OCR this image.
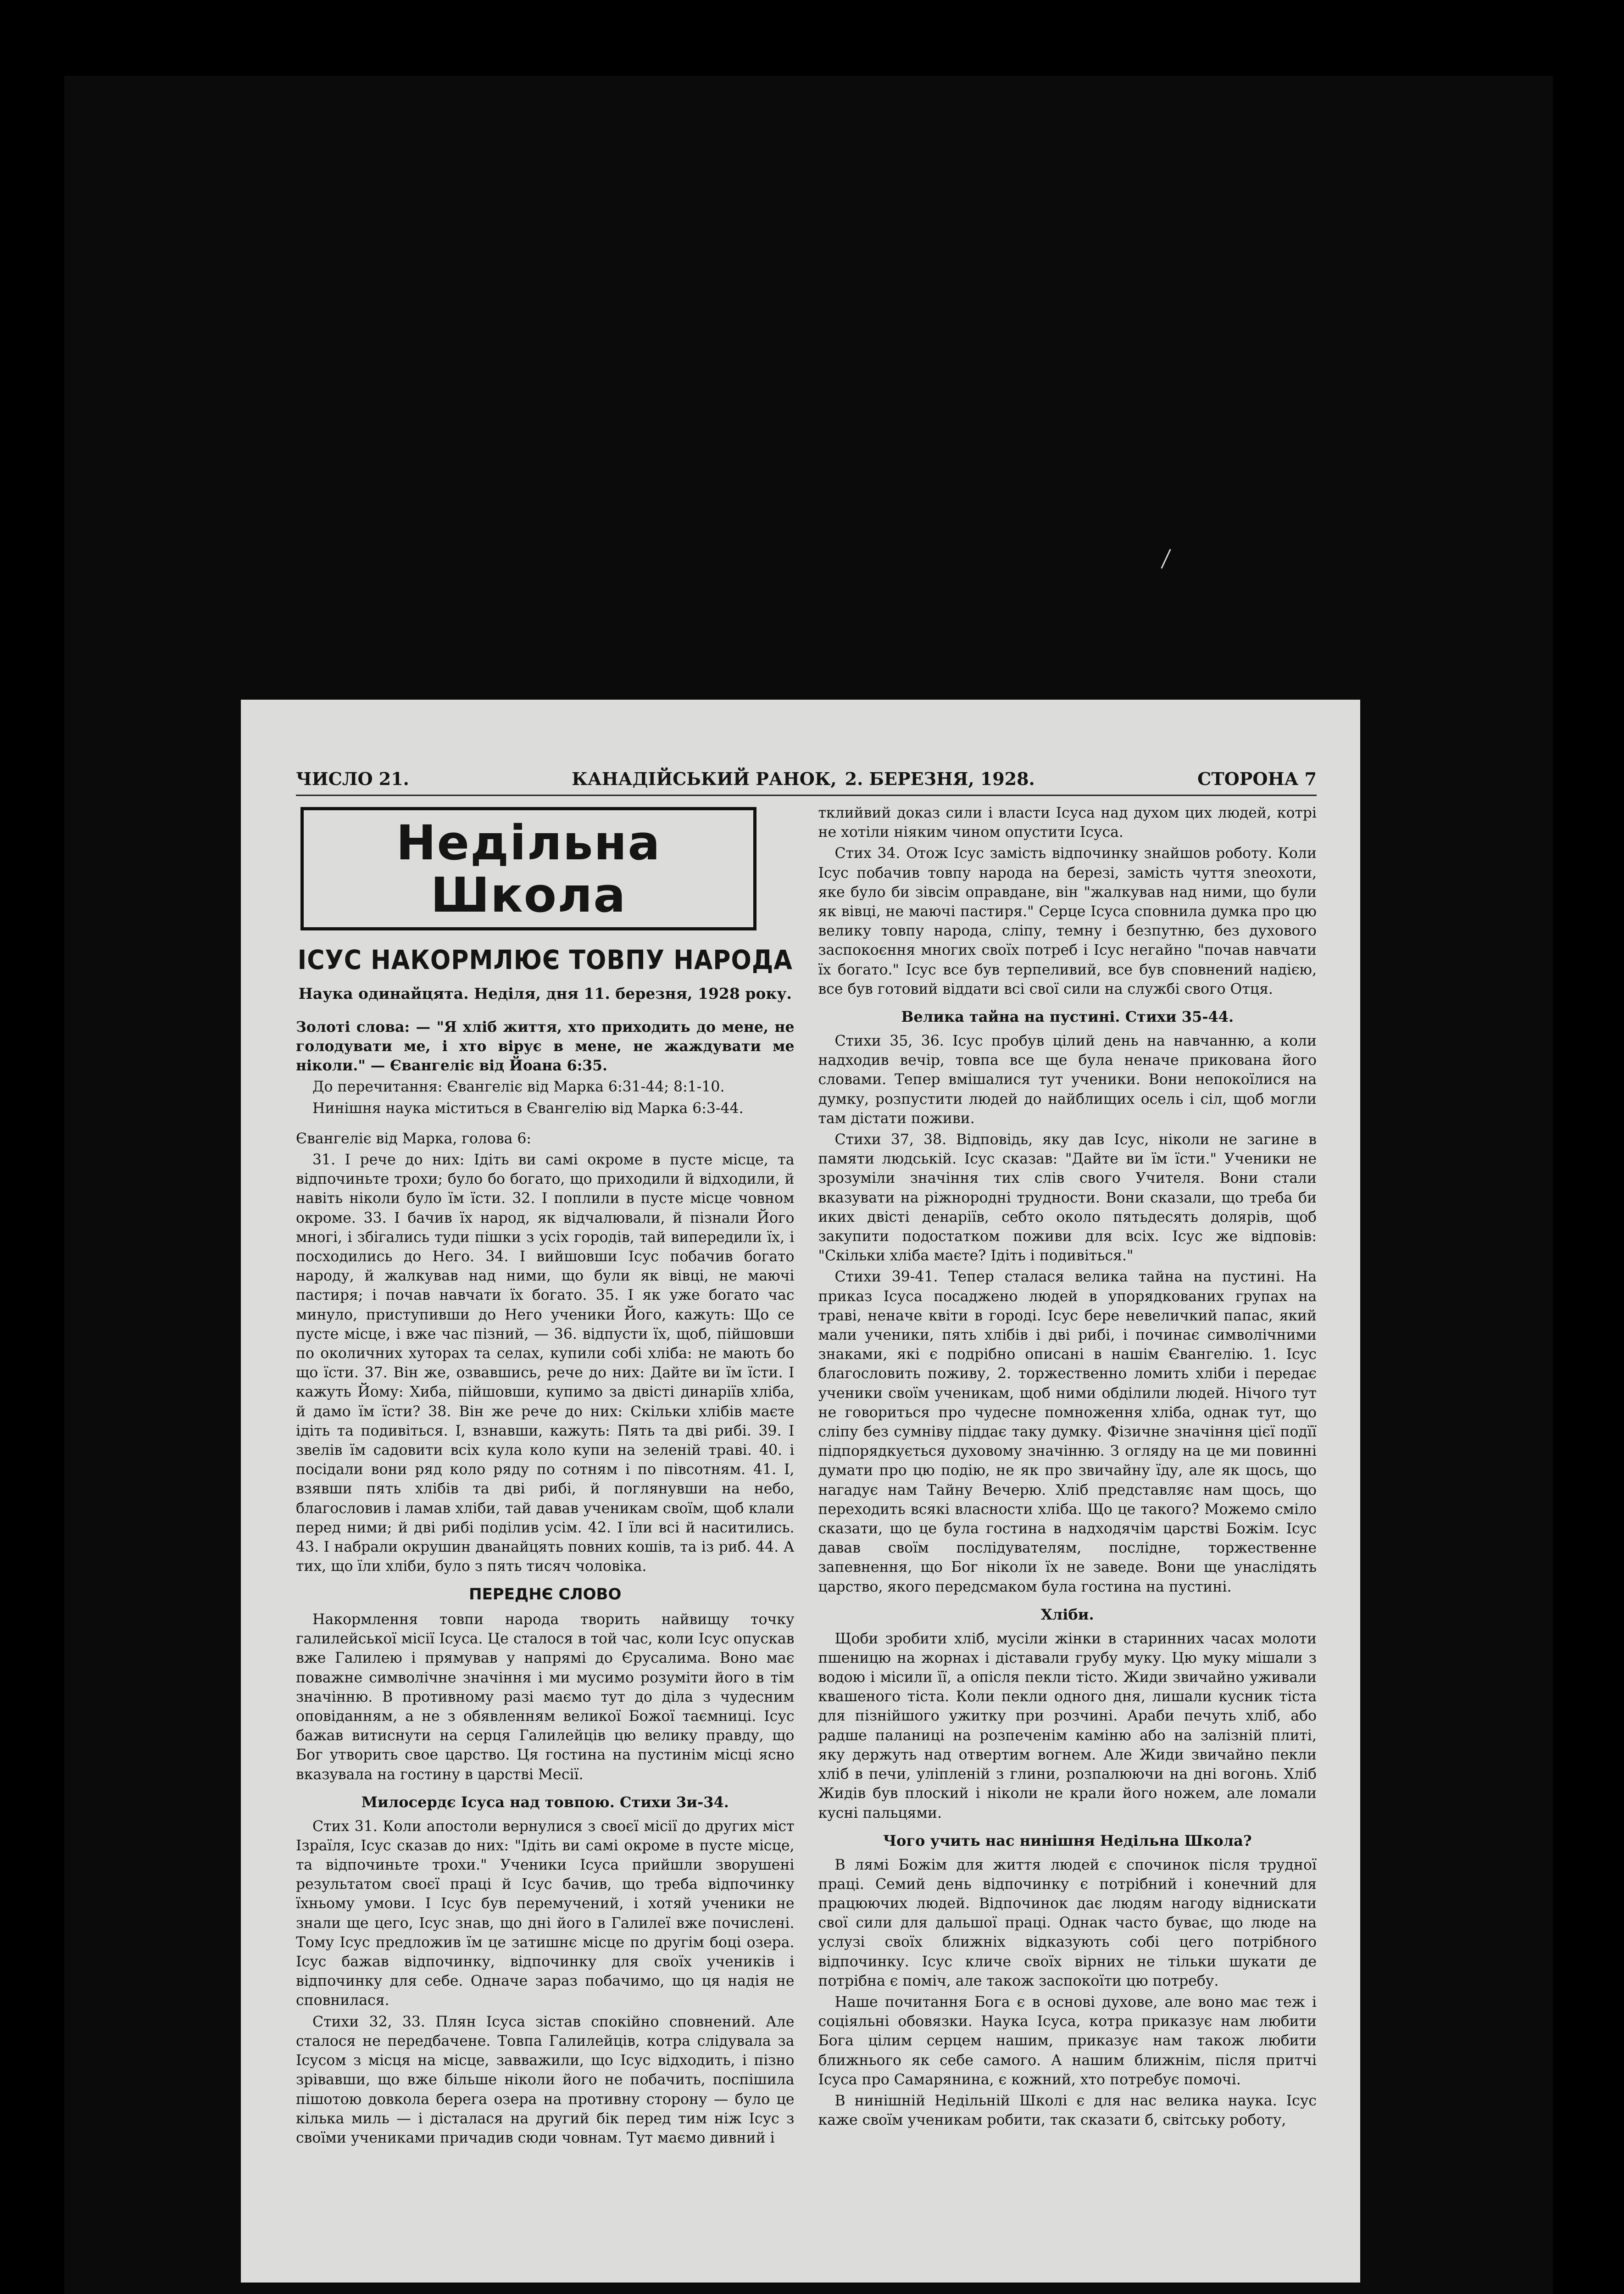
ЧИСЛО 21.	КАНАДІЙСЬКИЙ РАНОК, 2. БЕРЕЗНЯ, 1928.	СТОРОНА 7
Недільна Школа
ІСУС НАКОРМЛЮЄ ТОВПУ НАРОДА
Наука одинайцята. Неділя, дня 11. березня, 1928 року.

Золоті слова: — "Я хліб життя, хто приходить до мене, не голодувати ме, і хто вірує в мене, не жаждувати ме ніколи." — Євангеліє від Йоана 6:35.

До перечитання: Євангеліє від Марка 6:31-44; 8:1-10.

Нинішня наука міститься в Євангелію від Марка 6:3-44.

Євангеліє від Марка, голова 6:

31. І рече до них: Ідіть ви самі окроме в пусте місце, та відпочиньте трохи; було бо богато, що приходили й відходили, й навіть ніколи було їм їсти. 32. І поплили в пусте місце човном окроме. 33. І бачив їх народ, як відчалювали, й пізнали Його многі, і збігались туди пішки з усіх городів, тай випередили їх, і посходились до Него. 34. І вийшовши Ісус побачив богато народу, й жалкував над ними, що були як вівці, не маючі пастиря; і почав навчати їх богато. 35. І як уже богато час минуло, приступивши до Него ученики Його, кажуть: Що се пусте місце, і вже час пізний, — 36. відпусти їх, щоб, пійшовши по околичних хуторах та селах, купили собі хліба: не мають бо що їсти. 37. Він же, озвавшись, рече до них: Дайте ви їм їсти. І кажуть Йому: Хиба, пійшовши, купимо за двісті динаріїв хліба, й дамо їм їсти? 38. Він же рече до них: Скільки хлібів маєте ідіть та подивіться. І, взнавши, кажуть: Пять та дві рибі. 39. І звелів їм садовити всіх кула коло купи на зеленій траві. 40. і посідали вони ряд коло ряду по сотням і по півсотням. 41. І, взявши пять хлібів та дві рибі, й поглянувши на небо, благословив і ламав хліби, тай давав ученикам своїм, щоб клали перед ними; й дві рибі поділив усім. 42. І їли всі й наситились. 43. І набрали окрушин дванайцять повних кошів, та із риб. 44. А тих, що їли хліби, було з пять тисяч чоловіка.

ПЕРЕДНЄ СЛОВО

Накормлення товпи народа творить найвищу точку галилейської місії Ісуса. Це сталося в той час, коли Ісус опускав вже Галилею і прямував у напрямі до Єрусалима. Воно має поважне символічне значіння і ми мусимо розуміти його в тім значінню. В противному разі маємо тут до діла з чудесним оповіданням, а не з обявленням великої Божої таємниці. Ісус бажав витиснути на серця Галилейців цю велику правду, що Бог утворить свое царство. Ця гостина на пустинім місці ясно вказувала на гостину в царстві Месії.

Милосердє Ісуса над товпою. Стихи 3и-34.

Стих 31. Коли апостоли вернулися з своєї місії до других міст Ізраїля, Ісус сказав до них: "Ідіть ви самі окроме в пусте місце, та відпочиньте трохи." Ученики Ісуса прийшли зворушені результатом своєї праці й Ісус бачив, що треба відпочинку їхньому умови. І Ісус був перемучений, і хотяй ученики не знали ще цего, Ісус знав, що дні його в Галилеї вже почислені. Тому Ісус предложив їм це затишнє місце по другім боці озера. Ісус бажав відпочинку, відпочинку для своїх учеників і відпочинку для себе. Одначе зараз побачимо, що ця надія не сповнилася.

Стихи 32, 33. Плян Ісуса зістав спокійно сповнений. Але сталося не передбачене. Товпа Галилейців, котра слідувала за Ісусом з місця на місце, завважили, що Ісус відходить, і пізно зрівавши, що вже більше ніколи його не побачить, поспішила пішотою довкола берега озера на противну сторону — було це кілька миль — і дісталася на другий бік перед тим ніж Ісус з своїми учениками причадив сюди човнам. Тут маємо дивний і

тклийвий доказ сили і власти Ісуса над духом цих людей, котрі не хотіли ніяким чином опустити Ісуса.

Стих 34. Отож Ісус замість відпочинку знайшов роботу. Коли Ісус побачив товпу народа на березі, замість чуття зneохоти, яке було би зівсім оправдане, він "жалкував над ними, що були як вівці, не маючі пастиря." Серце Ісуса сповнила думка про цю велику товпу народа, сліпу, темну і безпутню, без духового заспокоєння многих своїх потреб і Ісус негайно "почав навчати їх богато." Ісус все був терпеливий, все був сповнений надією, все був готовий віддати всі свої сили на службі свого Отця.

Велика тайна на пустині. Стихи 35-44.

Стихи 35, 36. Ісус пробув цілий день на навчанню, а коли надходив вечір, товпа все ще була неначе прикована його словами. Тепер вмішалися тут ученики. Вони непокоїлися на думку, розпустити людей до найблищих осель і сіл, щоб могли там дістати поживи.

Стихи 37, 38. Відповідь, яку дав Ісус, ніколи не загине в памяти людській. Ісус сказав: "Дайте ви їм їсти." Ученики не зрозуміли значіння тих слів свого Учителя. Вони стали вказувати на ріжнородні трудности. Вони сказали, що треба би иких двісті денаріїв, себто около пятьдесять долярів, щоб закупити подостатком поживи для всіх. Ісус же відповів: "Скільки хліба маєте? Ідіть і подивіться."

Стихи 39-41. Тепер сталася велика тайна на пустині. На приказ Ісуса посаджено людей в упорядкованих групах на траві, неначе квіти в городі. Ісус бере невеличкий папас, який мали ученики, пять хлібів і дві рибі, і починає символічними знаками, які є подрібно описані в нашім Євангелію. 1. Ісус благословить поживу, 2. торжественно ломить хліби і передає ученики своїм ученикам, щоб ними обділили людей. Нічого тут не говориться про чудесне помноження хліба, однак тут, що сліпу без сумніву піддає таку думку. Фізичне значіння цієї подїї підпорядкується духовому значінню. З огляду на це ми повинні думати про цю подію, не як про звичайну їду, але як щось, що нагадує нам Тайну Вечерю. Хліб представляє нам щось, що переходить всякі власности хліба. Що це такого? Можемо сміло сказати, що це була гостина в надходячім царстві Божім. Ісус давав своїм послідувателям, послідне, торжественне запевнення, що Бог ніколи їх не заведе. Вони ще унаслідять царство, якого передсмаком була гостина на пустині.

Хліби.

Щоби зробити хліб, мусіли жінки в старинних часах молоти пшеницю на жорнах і діставали грубу муку. Цю муку мішали з водою і місили її, а опісля пекли тісто. Жиди звичайно уживали квашеного тіста. Коли пекли одного дня, лишали кусник тіста для пізнійшого ужитку при розчині. Араби печуть хліб, або радше паланиці на розпеченім каміню або на залізній плиті, яку держуть над отвертим вогнем. Але Жиди звичайно пекли хліб в печи, уліпленій з глини, розпалюючи на дні вогонь. Хліб Жидів був плоский і ніколи не крали його ножем, але ломали кусні пальцями.

Чого учить нас нинішня Недільна Школа?

В лямі Божім для життя людей є спочинок після трудної праці. Семий день відпочинку є потрібний і конечний для працюючих людей. Відпочинок дає людям нагоду віднискати свої сили для дальшої праці. Однак часто буває, що люде на услузі своїх ближніх відказують собі цего потрібного відпочинку. Ісус кличе своїх вірних не тільки шукати де потрібна є поміч, але також заспокоїти цю потребу.

Наше почитання Бога є в основі духове, але воно має теж і соціяльні обовязки. Наука Ісуса, котра приказує нам любити Бога цілим серцем нашим, приказує нам також любити ближнього як себе самого. А нашим ближнім, після притчі Ісуса про Самарянина, є кожний, хто потребує помочі.

В нинішній Недільній Школі є для нас велика наука. Ісус каже своїм ученикам робити, так сказати б, світську роботу,
